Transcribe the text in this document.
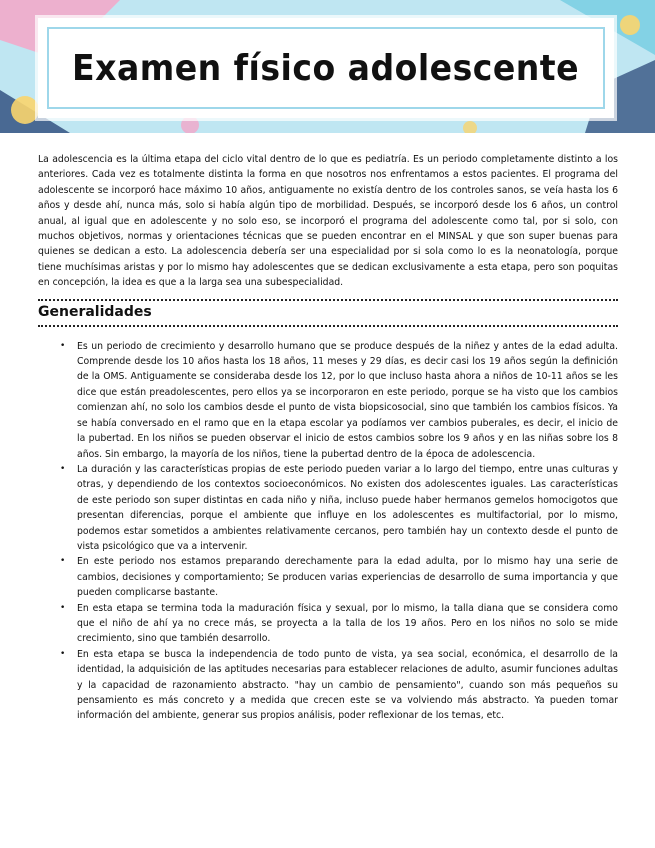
Examen físico adolescente

La adolescencia es la última etapa del ciclo vital dentro de lo que es pediatría. Es un periodo completamente distinto a los anteriores. Cada vez es totalmente distinta la forma en que nosotros nos enfrentamos a estos pacientes. El programa del adolescente se incorporó hace máximo 10 años, antiguamente no existía dentro de los controles sanos, se veía hasta los 6 años y desde ahí, nunca más, solo si había algún tipo de morbilidad. Después, se incorporó desde los 6 años, un control anual, al igual que en adolescente y no solo eso, se incorporó el programa del adolescente como tal, por si solo, con muchos objetivos, normas y orientaciones técnicas que se pueden encontrar en el MINSAL y que son super buenas para quienes se dedican a esto. La adolescencia debería ser una especialidad por si sola como lo es la neonatología, porque tiene muchísimas aristas y por lo mismo hay adolescentes que se dedican exclusivamente a esta etapa, pero son poquitas en concepción, la idea es que a la larga sea una subespecialidad.

Generalidades
• Es un periodo de crecimiento y desarrollo humano que se produce después de la niñez y antes de la edad adulta. Comprende desde los 10 años hasta los 18 años, 11 meses y 29 días, es decir casi los 19 años según la definición de la OMS. Antiguamente se consideraba desde los 12, por lo que incluso hasta ahora a niños de 10-11 años se les dice que están preadolescentes, pero ellos ya se incorporaron en este periodo, porque se ha visto que los cambios comienzan ahí, no solo los cambios desde el punto de vista biopsicosocial, sino que también los cambios físicos. Ya se había conversado en el ramo que en la etapa escolar ya podíamos ver cambios puberales, es decir, el inicio de la pubertad. En los niños se pueden observar el inicio de estos cambios sobre los 9 años y en las niñas sobre los 8 años. Sin embargo, la mayoría de los niños, tiene la pubertad dentro de la época de adolescencia.
• La duración y las características propias de este periodo pueden variar a lo largo del tiempo, entre unas culturas y otras, y dependiendo de los contextos socioeconómicos. No existen dos adolescentes iguales. Las características de este periodo son super distintas en cada niño y niña, incluso puede haber hermanos gemelos homocigotos que presentan diferencias, porque el ambiente que influye en los adolescentes es multifactorial, por lo mismo, podemos estar sometidos a ambientes relativamente cercanos, pero también hay un contexto desde el punto de vista psicológico que va a intervenir.
• En este periodo nos estamos preparando derechamente para la edad adulta, por lo mismo hay una serie de cambios, decisiones y comportamiento; Se producen varias experiencias de desarrollo de suma importancia y que pueden complicarse bastante.
• En esta etapa se termina toda la maduración física y sexual, por lo mismo, la talla diana que se considera como que el niño de ahí ya no crece más, se proyecta a la talla de los 19 años. Pero en los niños no solo se mide crecimiento, sino que también desarrollo.
• En esta etapa se busca la independencia de todo punto de vista, ya sea social, económica, el desarrollo de la identidad, la adquisición de las aptitudes necesarias para establecer relaciones de adulto, asumir funciones adultas y la capacidad de razonamiento abstracto. "hay un cambio de pensamiento", cuando son más pequeños su pensamiento es más concreto y a medida que crecen este se va volviendo más abstracto. Ya pueden tomar información del ambiente, generar sus propios análisis, poder reflexionar de los temas, etc.
